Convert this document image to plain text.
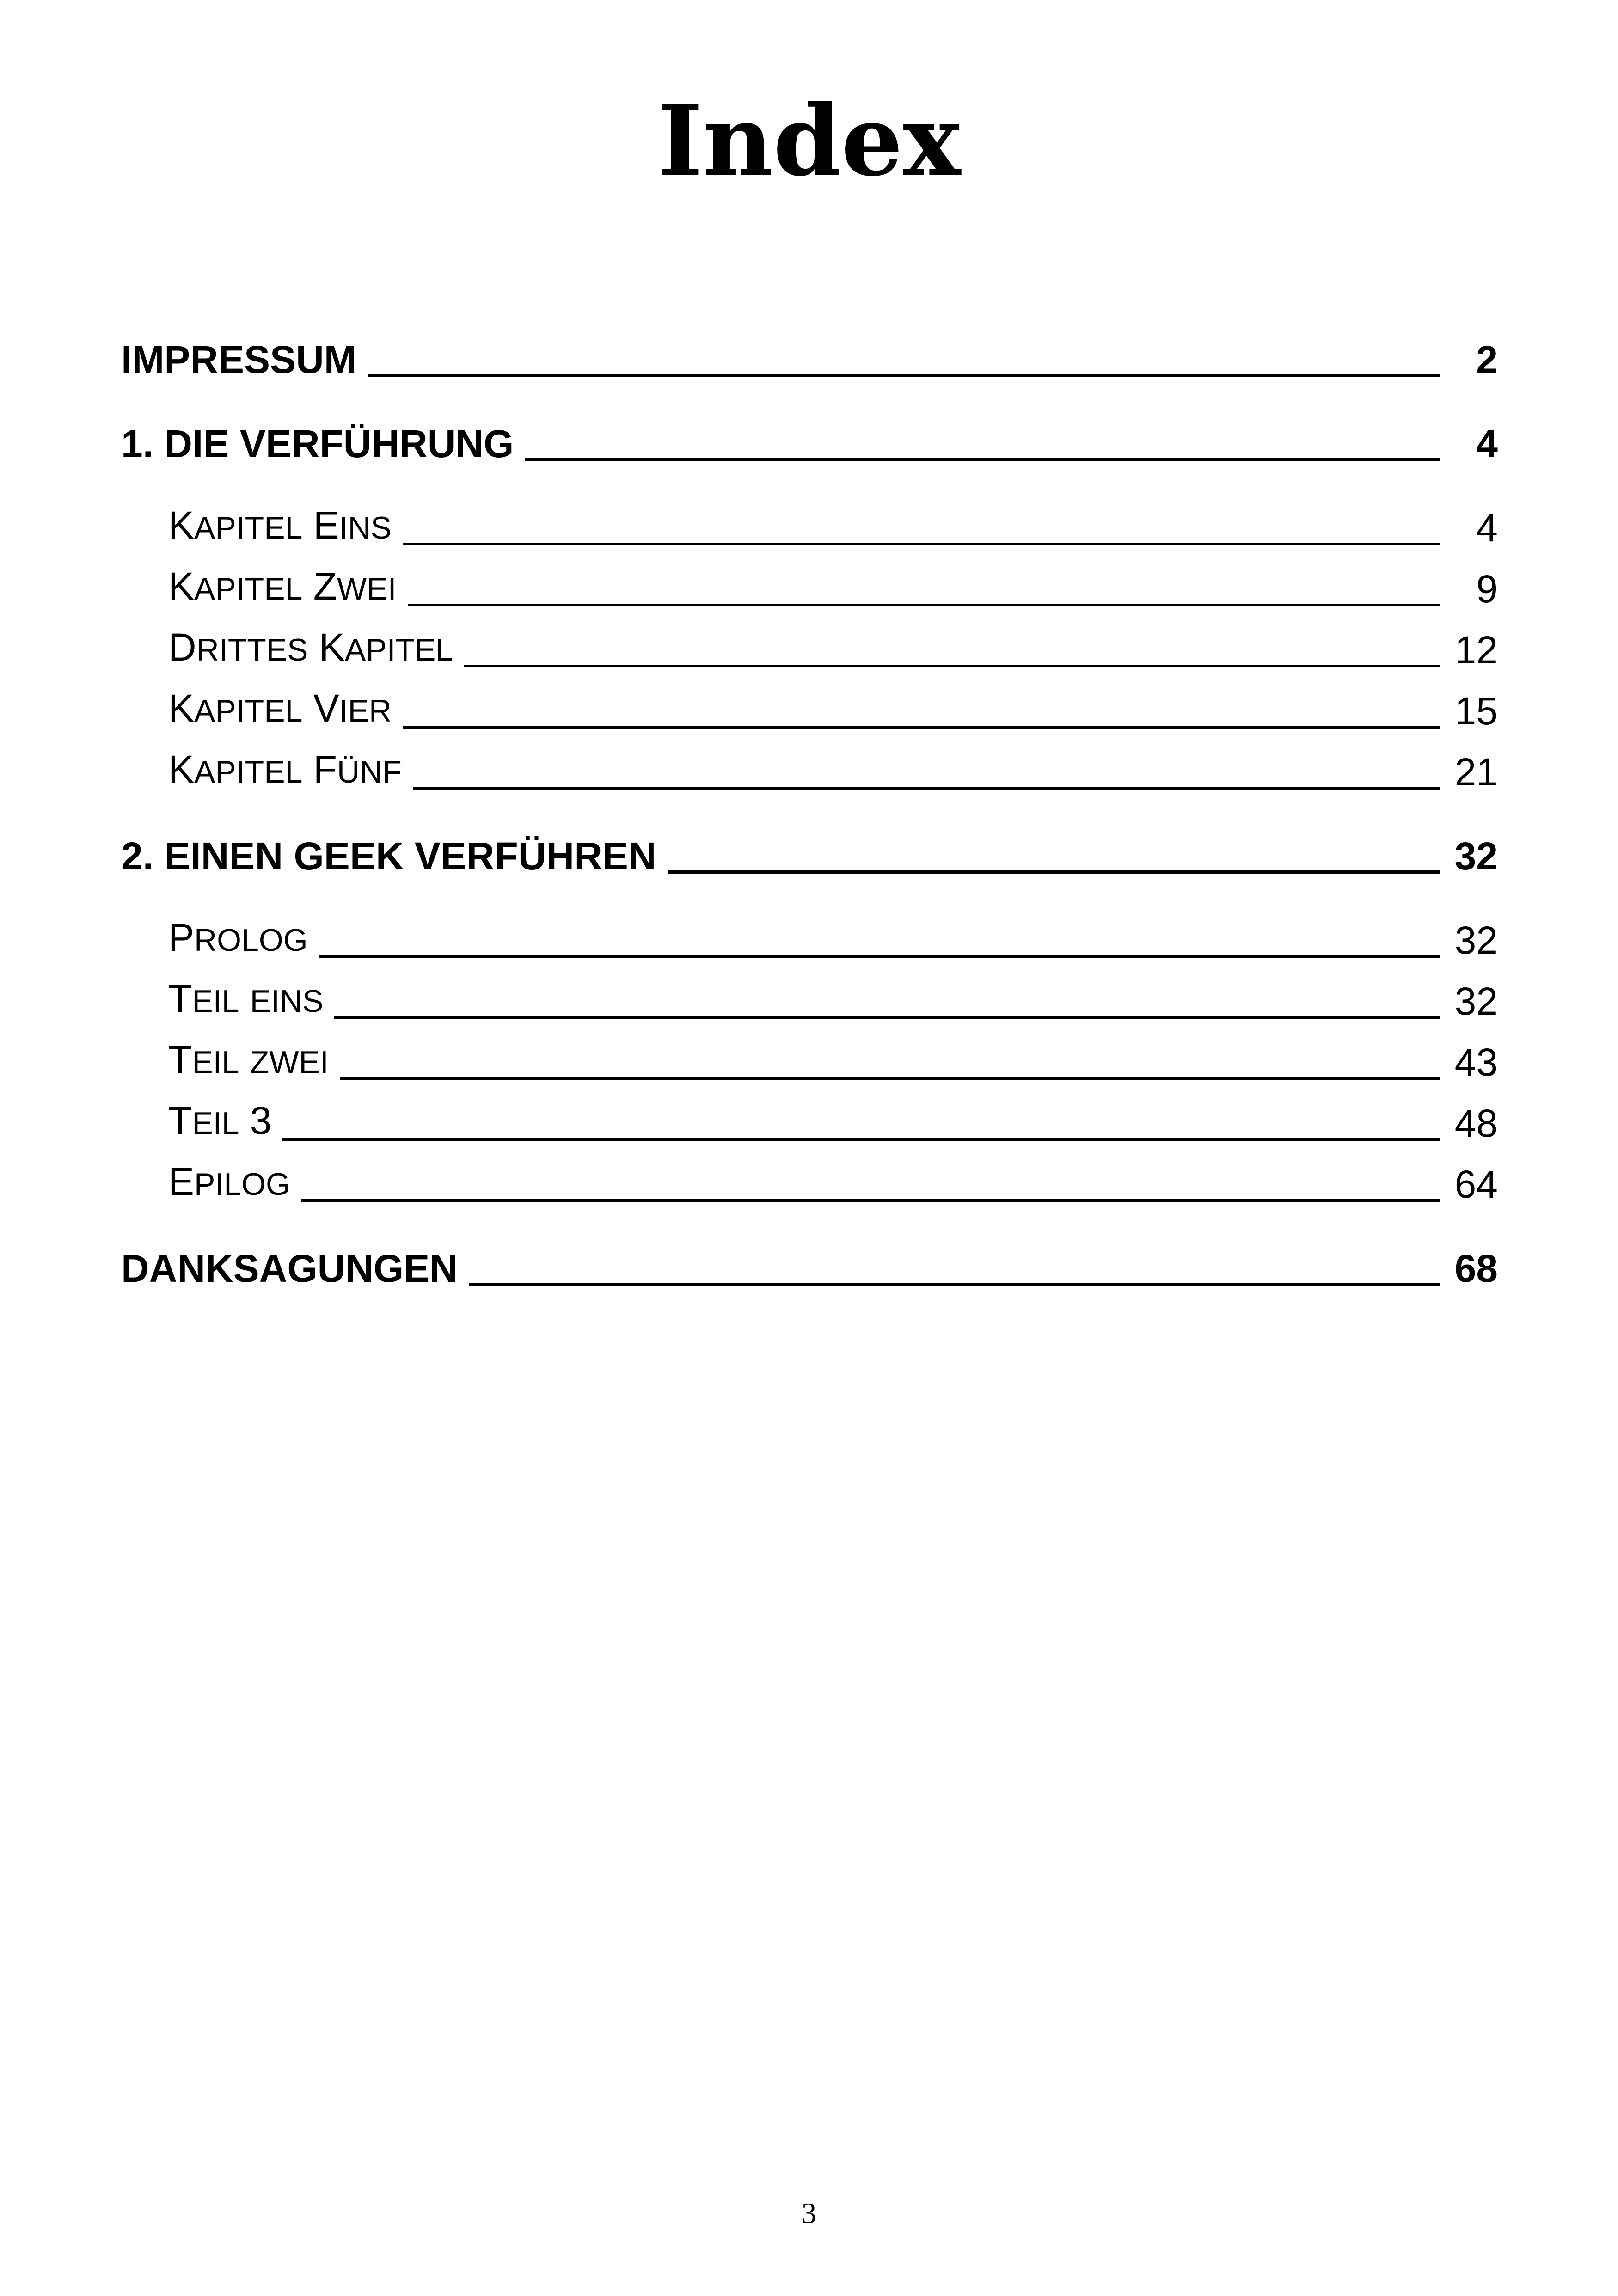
Index
IMPRESSUM	2
1. DIE VERFÜHRUNG	4
KAPITEL EINS	4
KAPITEL ZWEI	9
DRITTES KAPITEL	12
KAPITEL VIER	15
KAPITEL FÜNF	21
2. EINEN GEEK VERFÜHREN	32
PROLOG	32
TEIL EINS	32
TEIL ZWEI	43
TEIL 3	48
EPILOG	64
DANKSAGUNGEN	68
3
